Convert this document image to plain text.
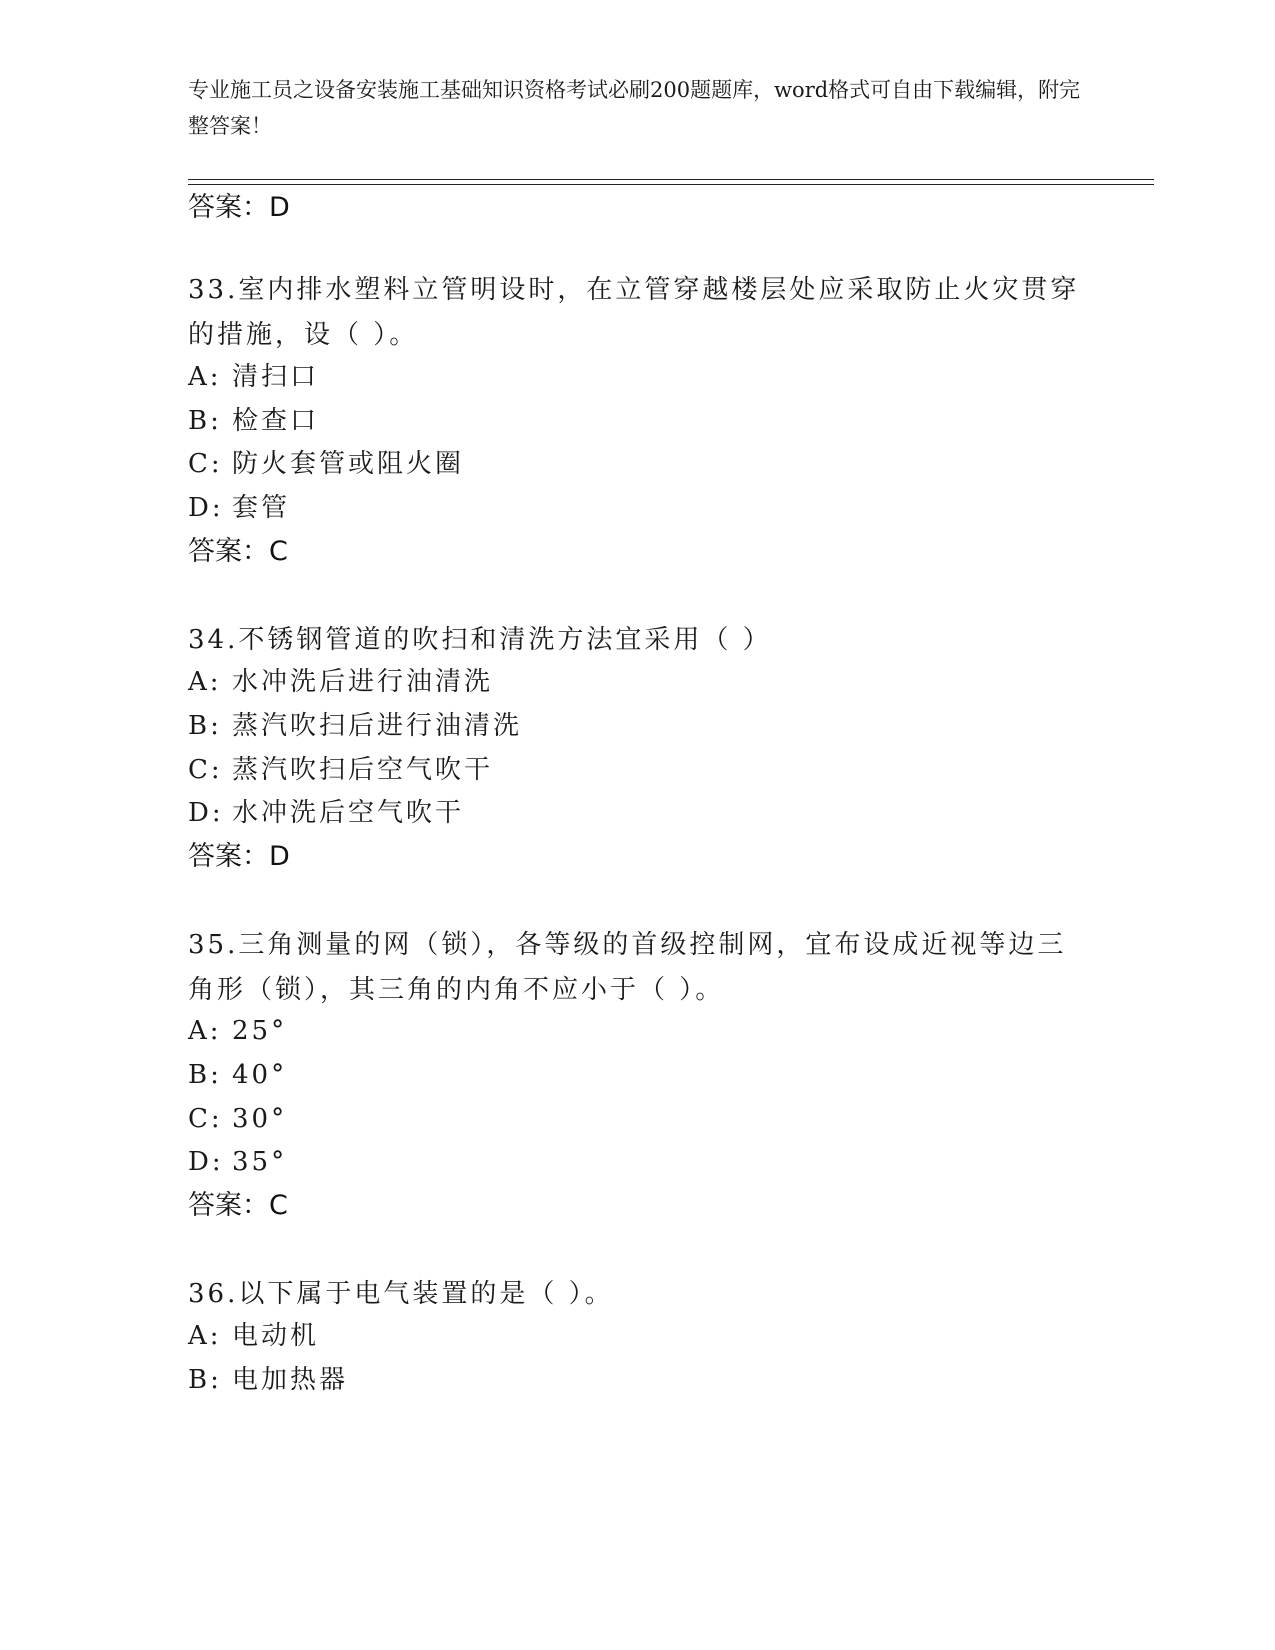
专业施工员之设备安装施工基础知识资格考试必刷200题题库，word格式可自由下载编辑，附完整答案！
答案：D
33.室内排水塑料立管明设时，在立管穿越楼层处应采取防止火灾贯穿的措施，设（ ）。
A: 清扫口
B: 检查口
C: 防火套管或阻火圈
D: 套管
答案：C
34.不锈钢管道的吹扫和清洗方法宜采用（ ）
A: 水冲洗后进行油清洗
B: 蒸汽吹扫后进行油清洗
C: 蒸汽吹扫后空气吹干
D: 水冲洗后空气吹干
答案：D
35.三角测量的网（锁），各等级的首级控制网，宜布设成近视等边三角形（锁），其三角的内角不应小于（ ）。
A: 25°
B: 40°
C: 30°
D: 35°
答案：C
36.以下属于电气装置的是（ ）。
A: 电动机
B: 电加热器
